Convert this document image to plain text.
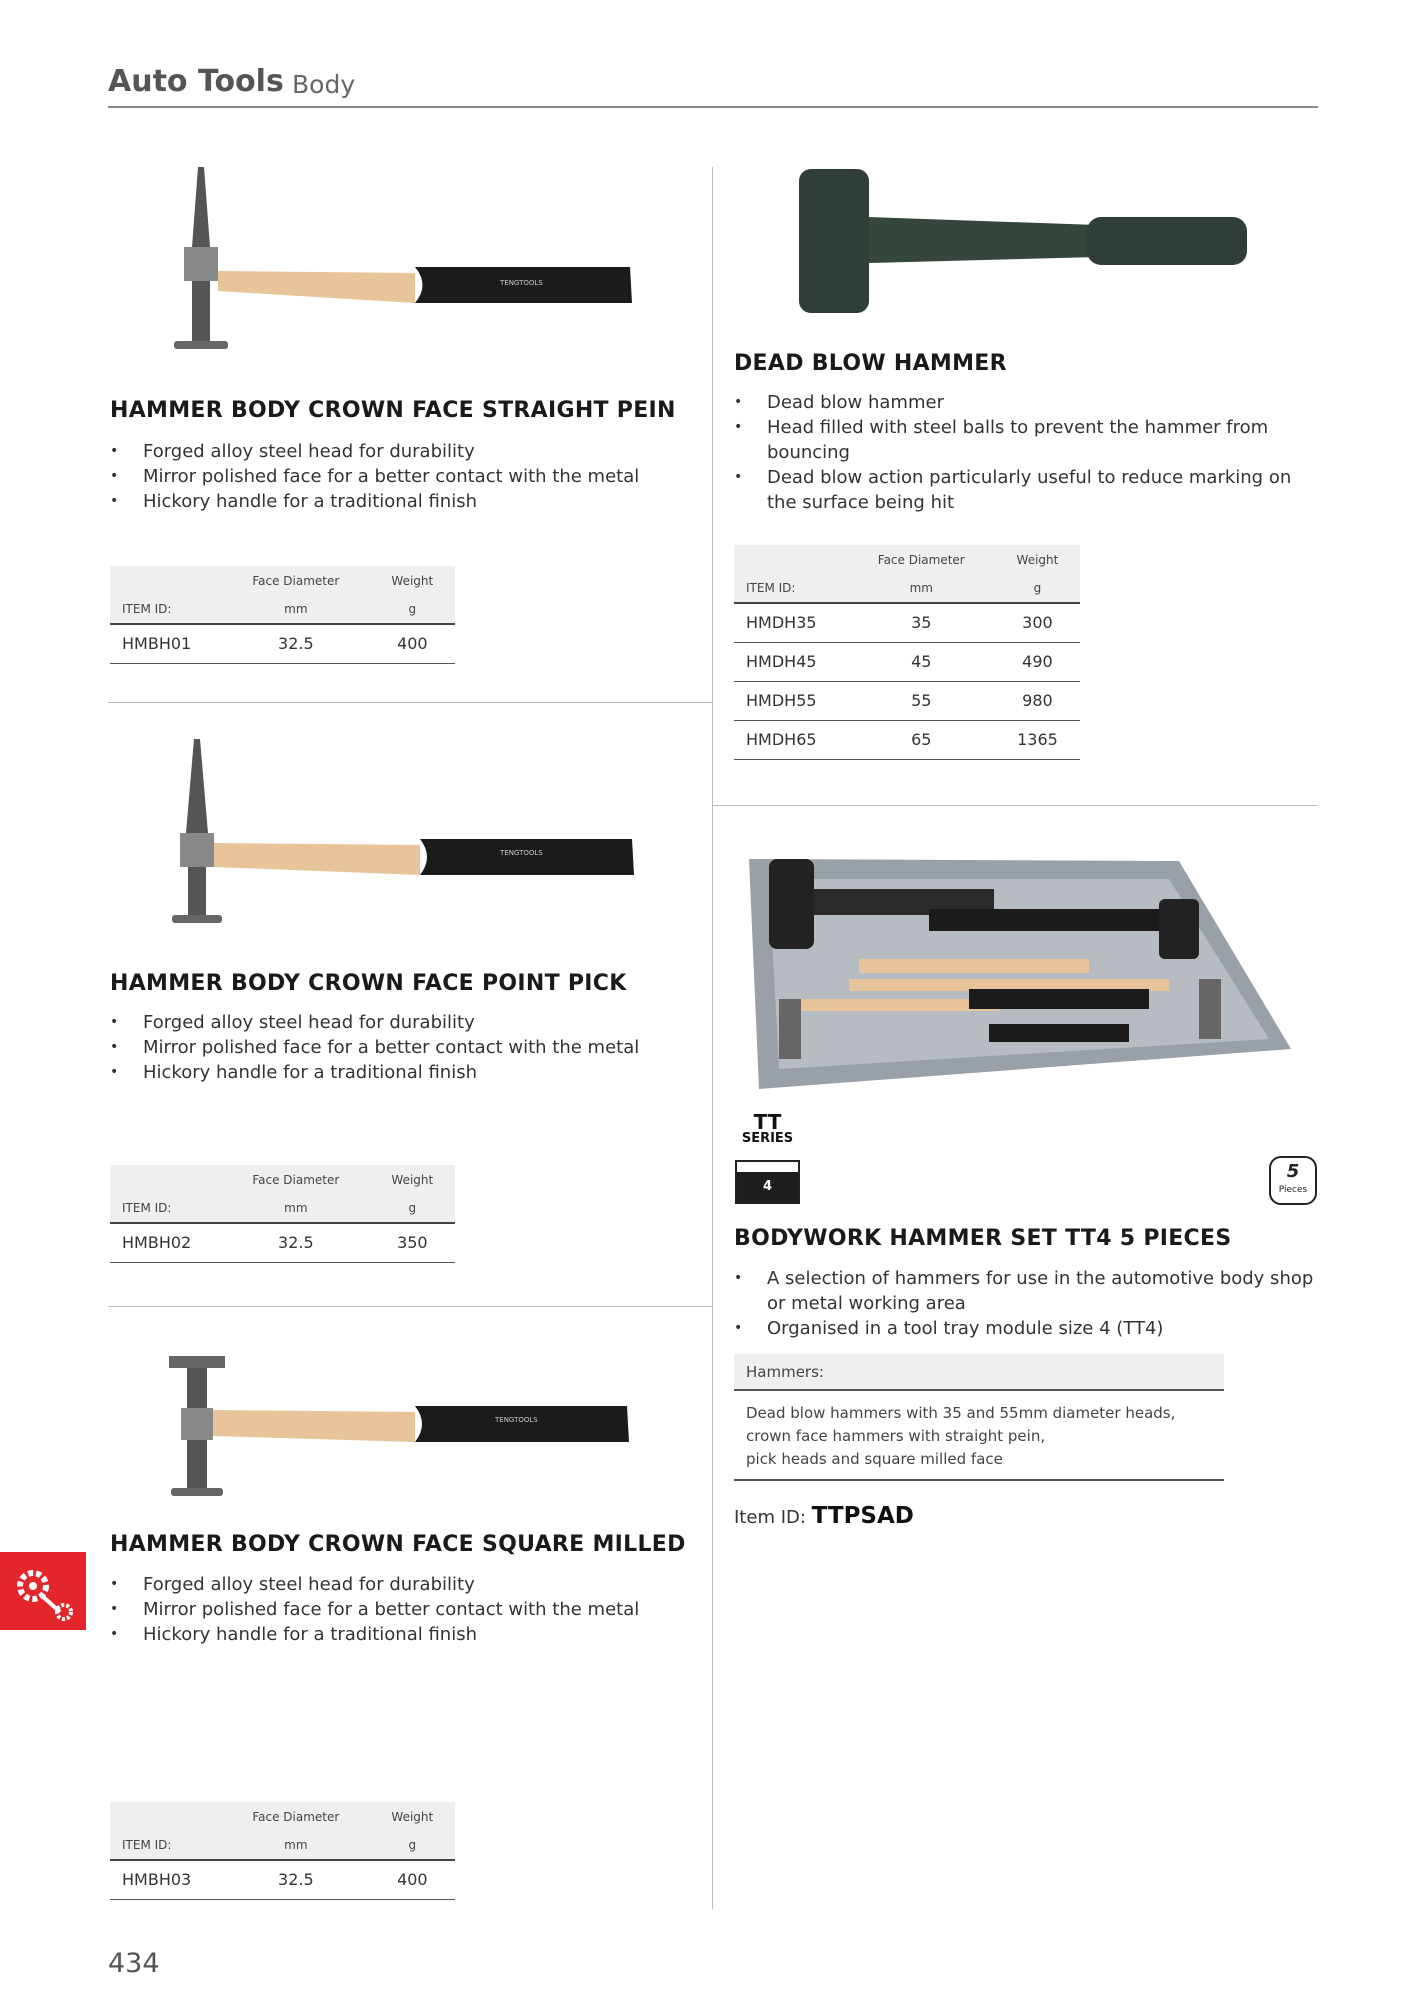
Auto Tools Body
TENGTOOLS
HAMMER BODY CROWN FACE STRAIGHT PEIN
• Forged alloy steel head for durability
• Mirror polished face for a better contact with the metal
• Hickory handle for a traditional finish
	Face Diameter	Weight
ITEM ID:	mm	g
HMBH01	32.5	400
TENGTOOLS
HAMMER BODY CROWN FACE POINT PICK
• Forged alloy steel head for durability
• Mirror polished face for a better contact with the metal
• Hickory handle for a traditional finish
	Face Diameter	Weight
ITEM ID:	mm	g
HMBH02	32.5	350
TENGTOOLS
HAMMER BODY CROWN FACE SQUARE MILLED
• Forged alloy steel head for durability
• Mirror polished face for a better contact with the metal
• Hickory handle for a traditional finish
	Face Diameter	Weight
ITEM ID:	mm	g
HMBH03	32.5	400
DEAD BLOW HAMMER
• Dead blow hammer
• Head filled with steel balls to prevent the hammer from bouncing
• Dead blow action particularly useful to reduce marking on the surface being hit
	Face Diameter	Weight
ITEM ID:	mm	g
HMDH35	35	300
HMDH45	45	490
HMDH55	55	980
HMDH65	65	1365
TT
SERIES
4
5
Pieces
BODYWORK HAMMER SET TT4 5 PIECES
• A selection of hammers for use in the automotive body shop or metal working area
• Organised in a tool tray module size 4 (TT4)
Hammers:
Dead blow hammers with 35 and 55mm diameter heads,
crown face hammers with straight pein,
pick heads and square milled face
Item ID: TTPSAD
434
